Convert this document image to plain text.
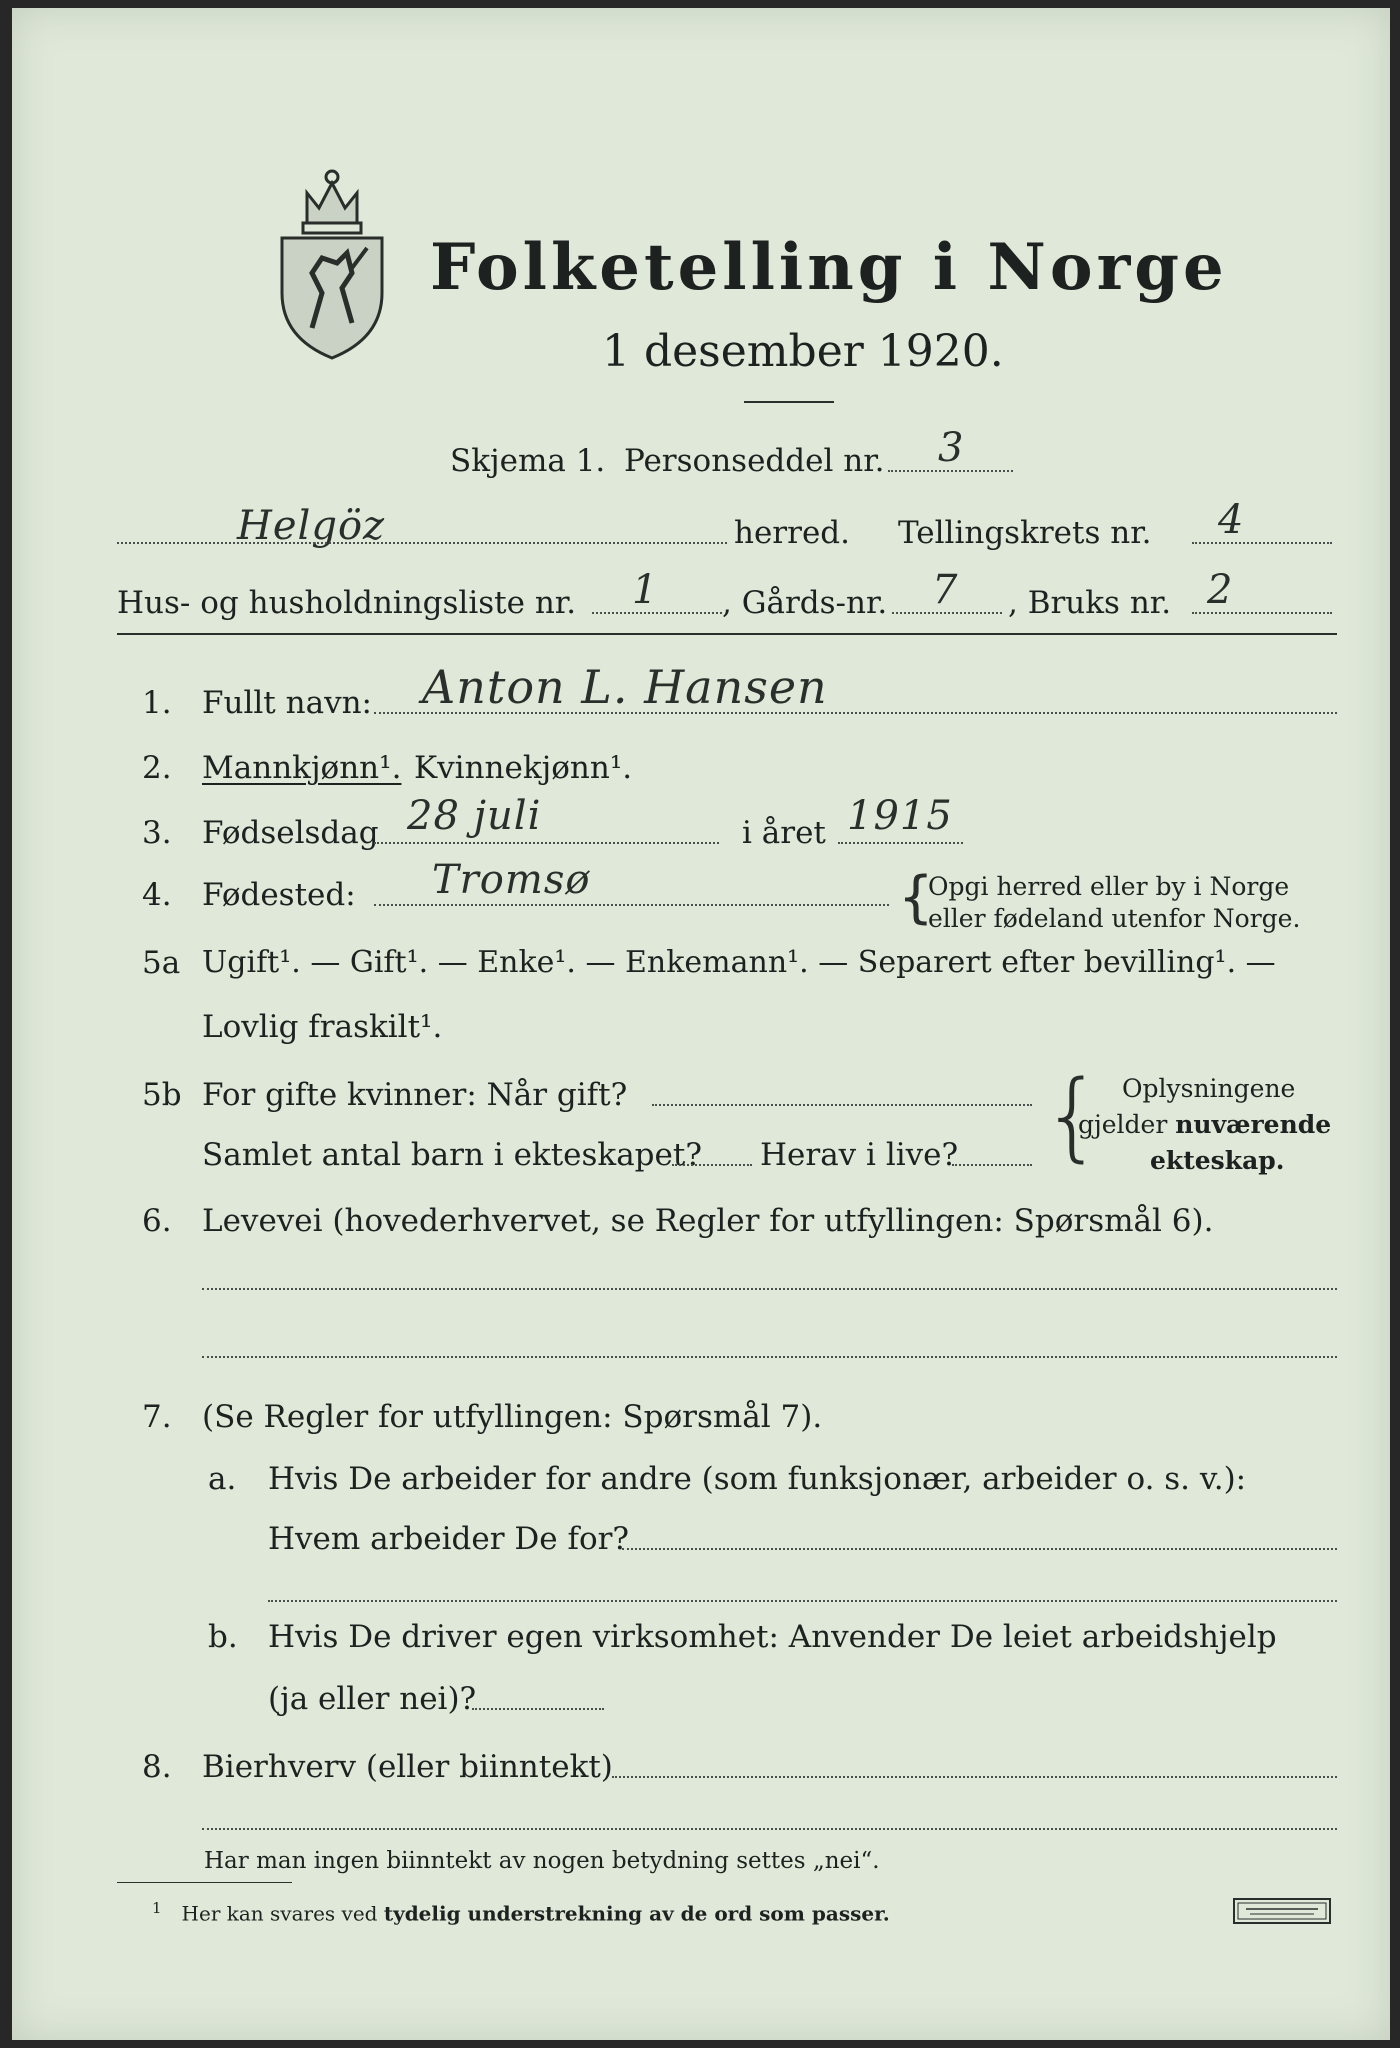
Folketelling i Norge
1 desember 1920.
Skjema 1. Personseddel nr. 3
Helgöz	herred. Tellingskrets nr. 4
Hus- og husholdningsliste nr. 1 , Gårds-nr. 7 , Bruks nr. 2
1. Fullt navn: Anton L. Hansen
2. Mannkjønn¹. Kvinnekjønn¹.
3. Fødselsdag 28 juli	i året 1915
4. Fødested: Tromsø	{
Opgi herred eller by i Norge
eller fødeland utenfor Norge.
5a Ugift¹. — Gift¹. — Enke¹. — Enkemann¹. — Separert efter bevilling¹. —
Lovlig fraskilt¹.
5b For gifte kvinner: Når gift?
Samlet antal barn i ekteskapet? Herav i live? { Oplysningene
gjelder nuværende
ekteskap.
6. Levevei (hovederhvervet, se Regler for utfyllingen: Spørsmål 6).
7. (Se Regler for utfyllingen: Spørsmål 7).
a. Hvis De arbeider for andre (som funksjonær, arbeider o. s. v.):
Hvem arbeider De for?
b. Hvis De driver egen virksomhet: Anvender De leiet arbeidshjelp
(ja eller nei)?
8. Bierhverv (eller biinntekt)
Har man ingen biinntekt av nogen betydning settes „nei“.
$^1$ Her kan svares ved tydelig understrekning av de ord som passer.
